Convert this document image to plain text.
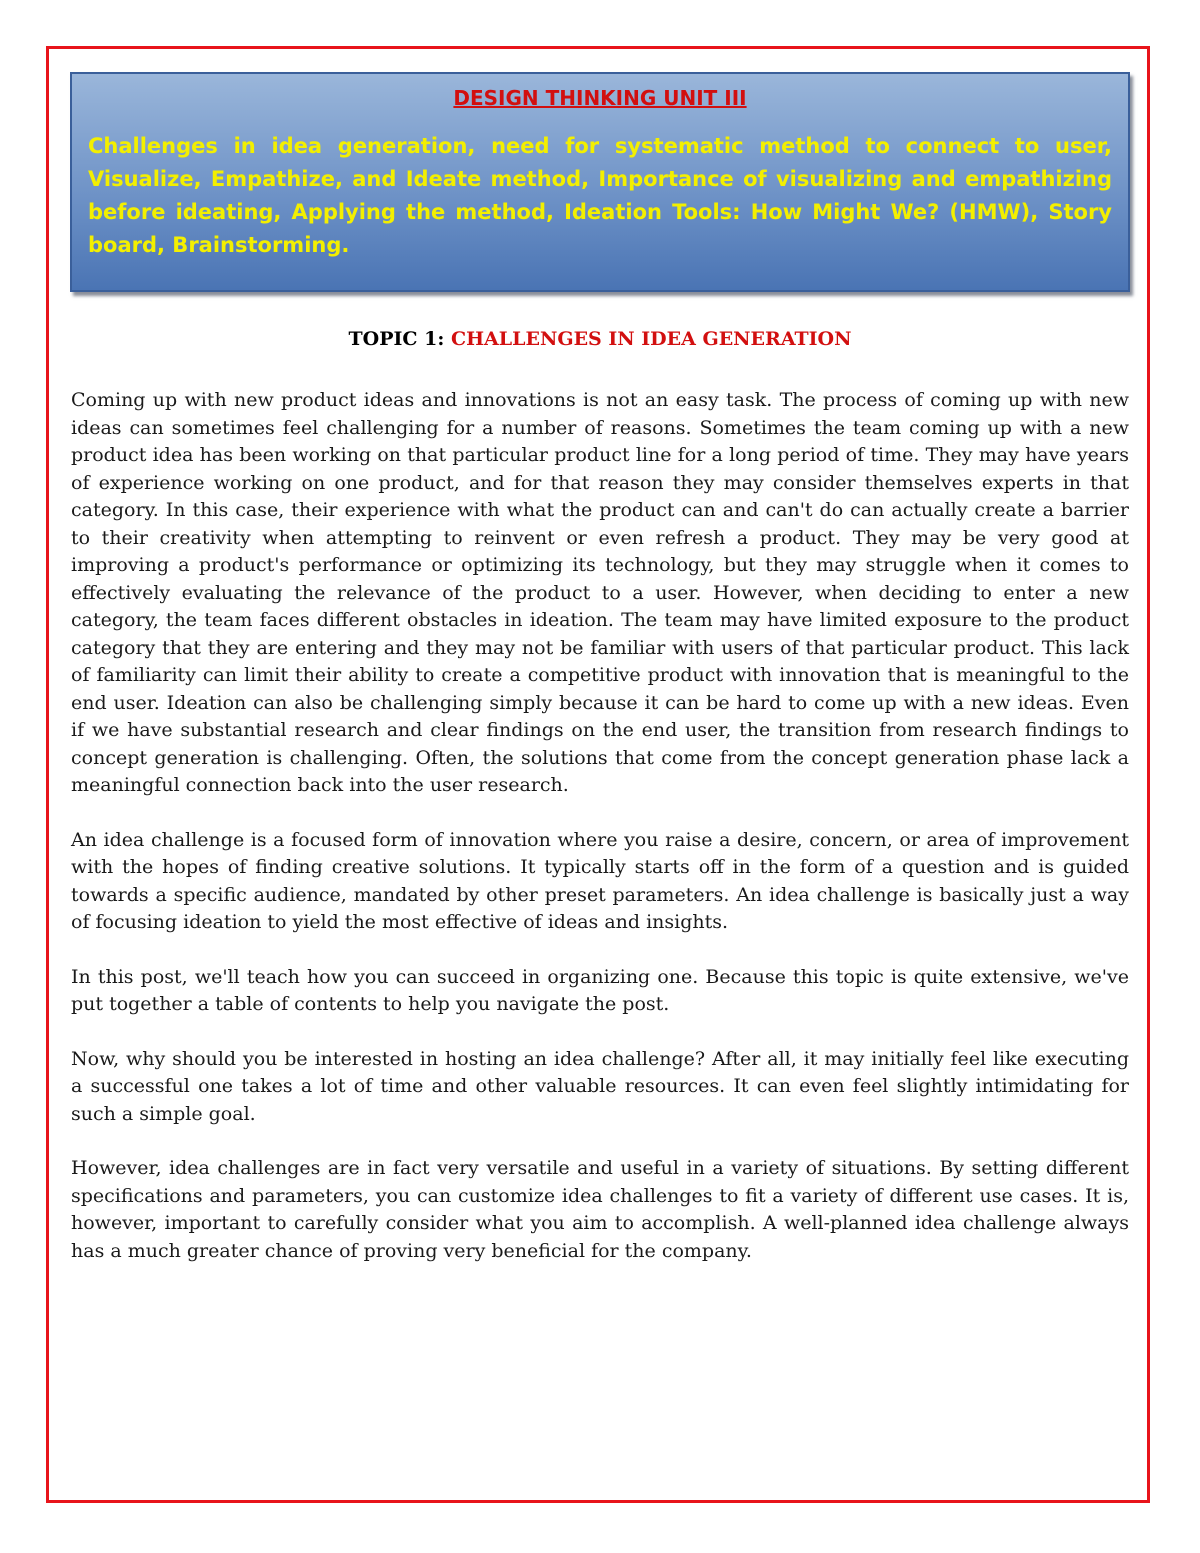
DESIGN THINKING UNIT III

Challenges in idea generation, need for systematic method to connect to user, Visualize, Empathize, and Ideate method, Importance of visualizing and empathizing before ideating, Applying the method, Ideation Tools: How Might We? (HMW), Story board, Brainstorming.

TOPIC 1: CHALLENGES IN IDEA GENERATION

Coming up with new product ideas and innovations is not an easy task. The process of coming up with new ideas can sometimes feel challenging for a number of reasons. Sometimes the team coming up with a new product idea has been working on that particular product line for a long period of time. They may have years of experience working on one product, and for that reason they may consider themselves experts in that category. In this case, their experience with what the product can and can't do can actually create a barrier to their creativity when attempting to reinvent or even refresh a product. They may be very good at improving a product's performance or optimizing its technology, but they may struggle when it comes to effectively evaluating the relevance of the product to a user. However, when deciding to enter a new category, the team faces different obstacles in ideation. The team may have limited exposure to the product category that they are entering and they may not be familiar with users of that particular product. This lack of familiarity can limit their ability to create a competitive product with innovation that is meaningful to the end user. Ideation can also be challenging simply because it can be hard to come up with a new ideas. Even if we have substantial research and clear findings on the end user, the transition from research findings to concept generation is challenging. Often, the solutions that come from the concept generation phase lack a meaningful connection back into the user research.

An idea challenge is a focused form of innovation where you raise a desire, concern, or area of improvement with the hopes of finding creative solutions. It typically starts off in the form of a question and is guided towards a specific audience, mandated by other preset parameters. An idea challenge is basically just a way of focusing ideation to yield the most effective of ideas and insights.

In this post, we'll teach how you can succeed in organizing one. Because this topic is quite extensive, we've put together a table of contents to help you navigate the post.

Now, why should you be interested in hosting an idea challenge? After all, it may initially feel like executing a successful one takes a lot of time and other valuable resources. It can even feel slightly intimidating for such a simple goal.

However, idea challenges are in fact very versatile and useful in a variety of situations. By setting different specifications and parameters, you can customize idea challenges to fit a variety of different use cases. It is, however, important to carefully consider what you aim to accomplish. A well-planned idea challenge always has a much greater chance of proving very beneficial for the company.
